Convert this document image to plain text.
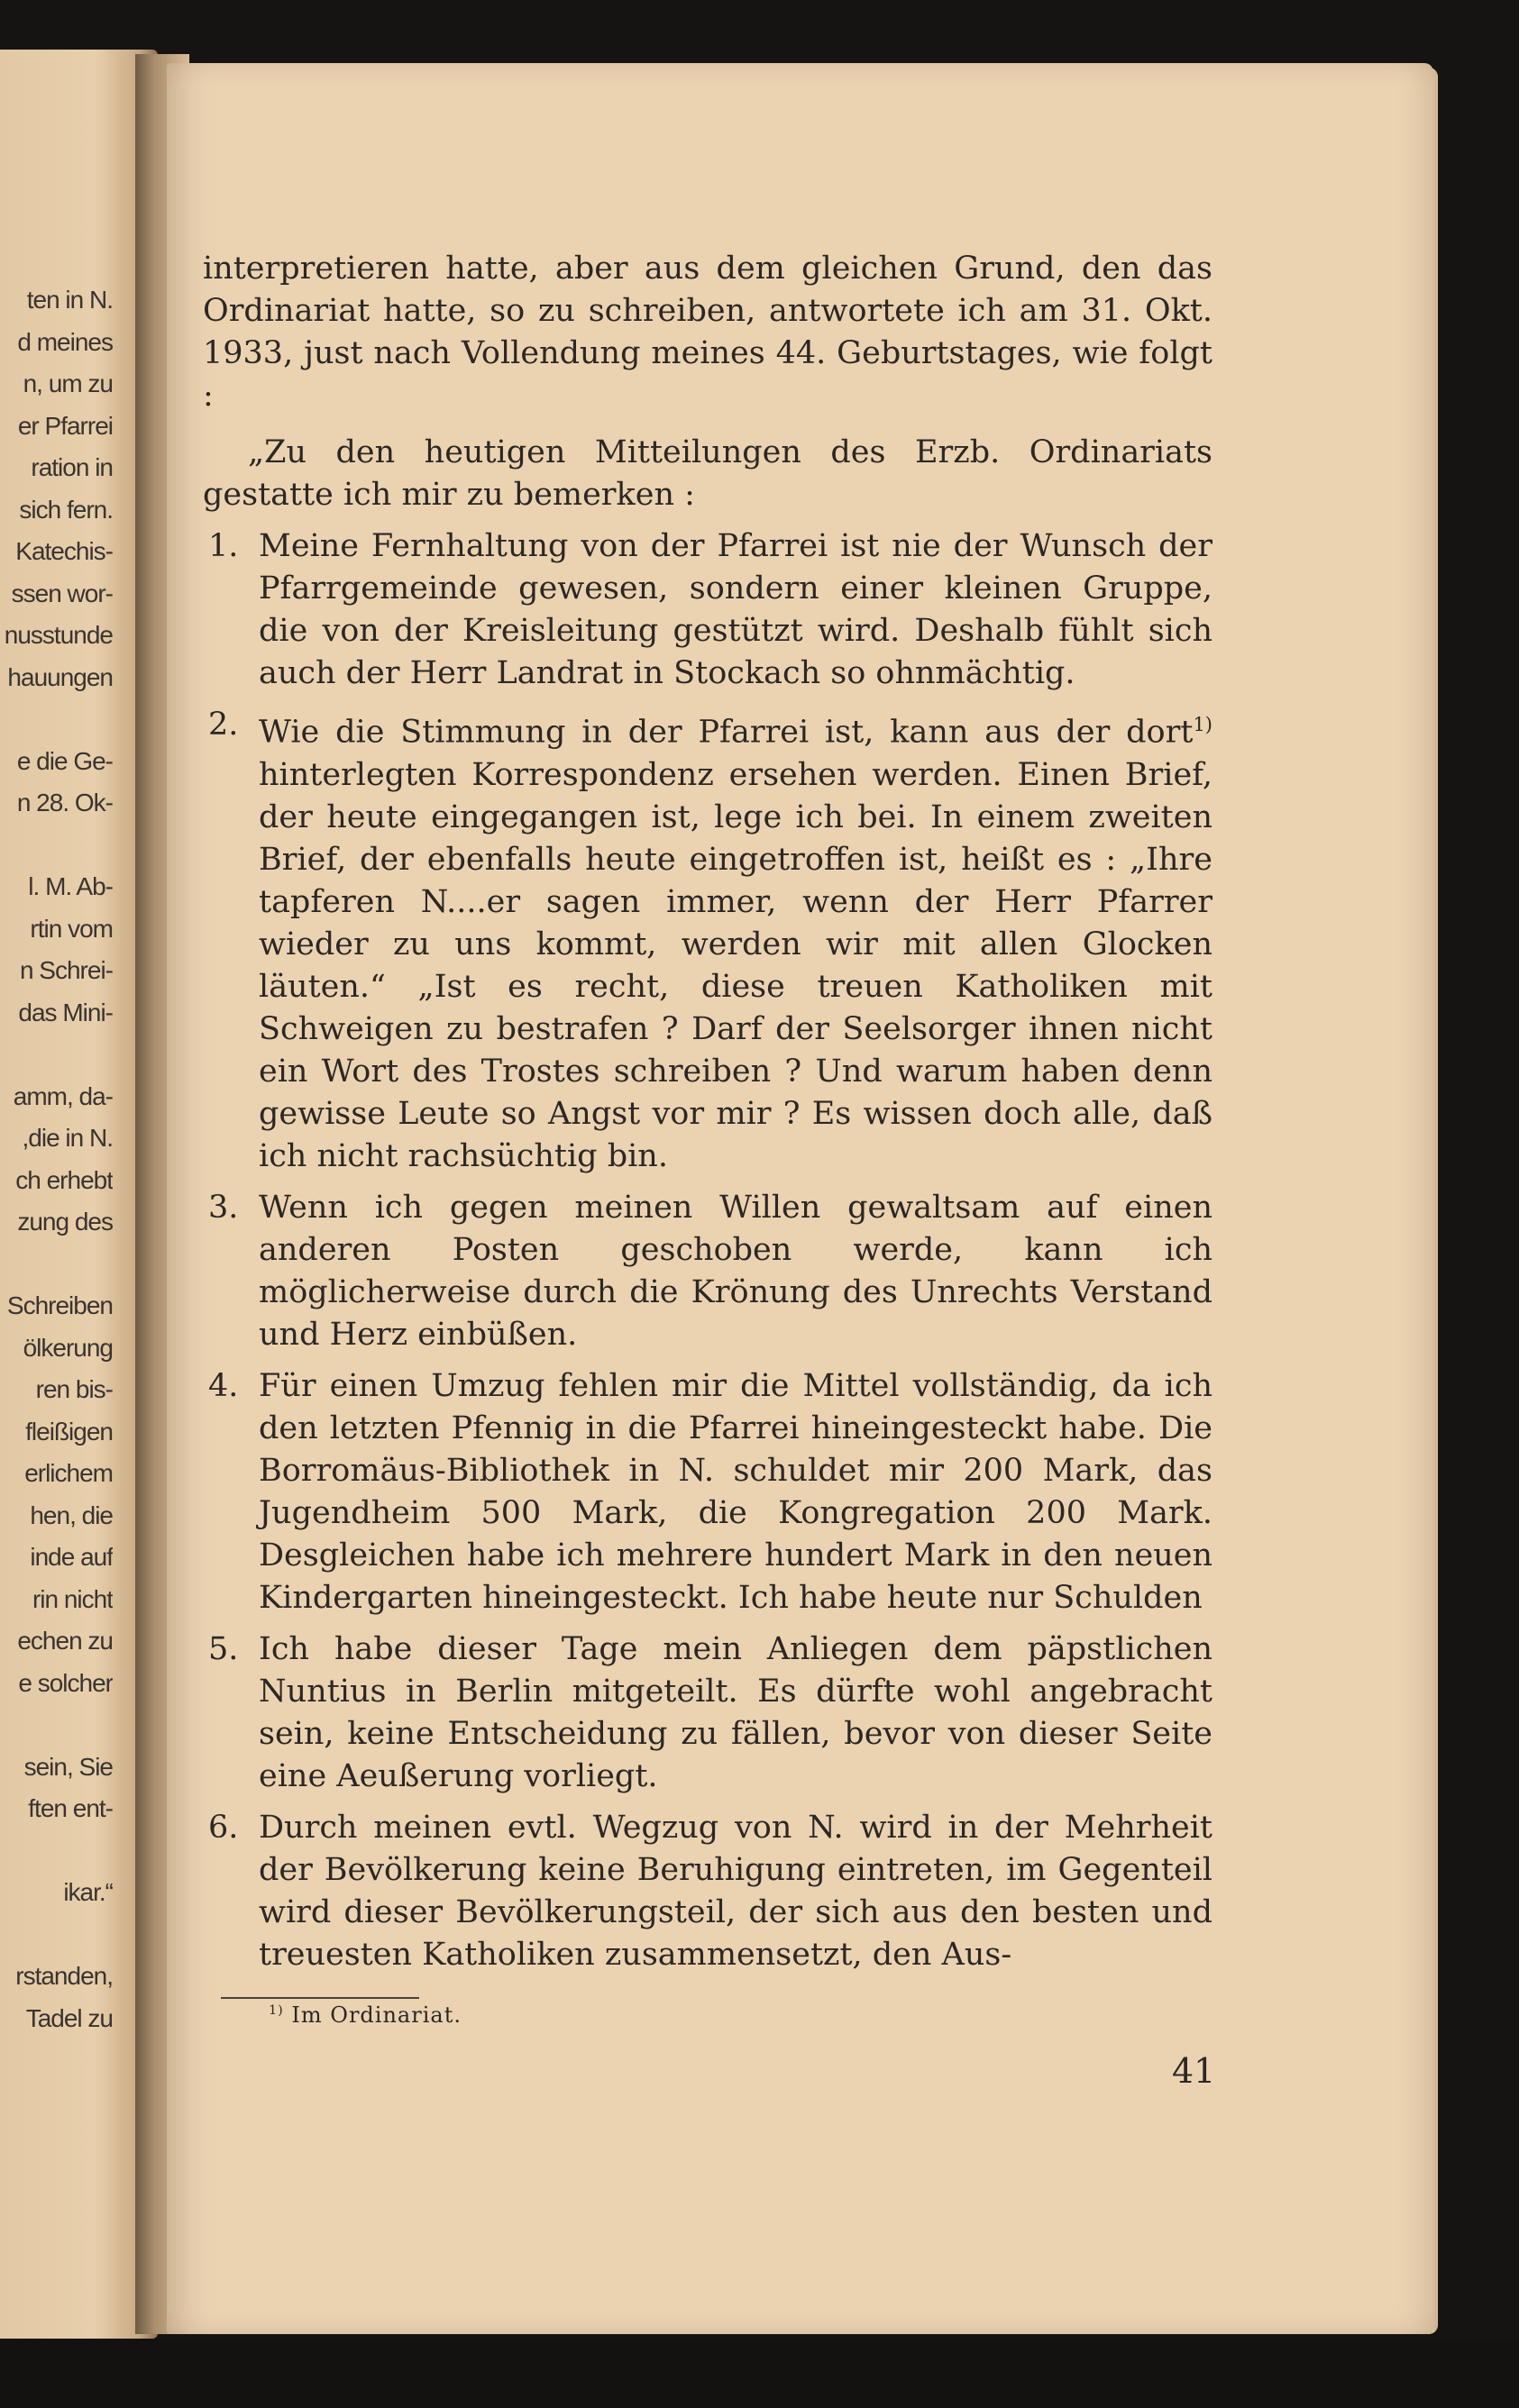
ten in N.
d meines
n, um zu
er Pfarrei
ration in
sich fern.
Katechis-
ssen wor-
nusstunde
hauungen
e die Ge-
n 28. Ok-
l. M. Ab-
rtin vom
n Schrei-
das Mini-
amm, da-
,die in N.
ch erhebt
zung des
Schreiben
ölkerung
ren bis-
fleißigen
erlichem
hen, die
inde auf
rin nicht
echen zu
e solcher
sein, Sie
ften ent-
ikar.“
rstanden,
Tadel zu

interpretieren hatte, aber aus dem gleichen Grund, den das Ordinariat hatte, so zu schreiben, antwortete ich am 31. Okt. 1933, just nach Vollendung meines 44. Geburtstages, wie folgt :

„Zu den heutigen Mitteilungen des Erzb. Ordinariats gestatte ich mir zu bemerken :

1. Meine Fernhaltung von der Pfarrei ist nie der Wunsch der Pfarrgemeinde gewesen, sondern einer kleinen Gruppe, die von der Kreisleitung gestützt wird. Deshalb fühlt sich auch der Herr Landrat in Stockach so ohnmächtig.
2. Wie die Stimmung in der Pfarrei ist, kann aus der dort$^{1)}$ hinterlegten Korrespondenz ersehen werden. Einen Brief, der heute eingegangen ist, lege ich bei. In einem zweiten Brief, der ebenfalls heute eingetroffen ist, heißt es : „Ihre tapferen N....er sagen immer, wenn der Herr Pfarrer wieder zu uns kommt, werden wir mit allen Glocken läuten.“ „Ist es recht, diese treuen Katholiken mit Schweigen zu bestrafen ? Darf der Seelsorger ihnen nicht ein Wort des Trostes schreiben ? Und warum haben denn gewisse Leute so Angst vor mir ? Es wissen doch alle, daß ich nicht rachsüchtig bin.
3. Wenn ich gegen meinen Willen gewaltsam auf einen anderen Posten geschoben werde, kann ich möglicherweise durch die Krönung des Unrechts Verstand und Herz einbüßen.
4. Für einen Umzug fehlen mir die Mittel vollständig, da ich den letzten Pfennig in die Pfarrei hineingesteckt habe. Die Borromäus-Bibliothek in N. schuldet mir 200 Mark, das Jugendheim 500 Mark, die Kongregation 200 Mark. Desgleichen habe ich mehrere hundert Mark in den neuen Kindergarten hineingesteckt. Ich habe heute nur Schulden
5. Ich habe dieser Tage mein Anliegen dem päpstlichen Nuntius in Berlin mitgeteilt. Es dürfte wohl angebracht sein, keine Entscheidung zu fällen, bevor von dieser Seite eine Aeußerung vorliegt.
6. Durch meinen evtl. Wegzug von N. wird in der Mehrheit der Bevölkerung keine Beruhigung eintreten, im Gegenteil wird dieser Bevölkerungsteil, der sich aus den besten und treuesten Katholiken zusammensetzt, den Aus-
$^{1)}$ Im Ordinariat.
41
